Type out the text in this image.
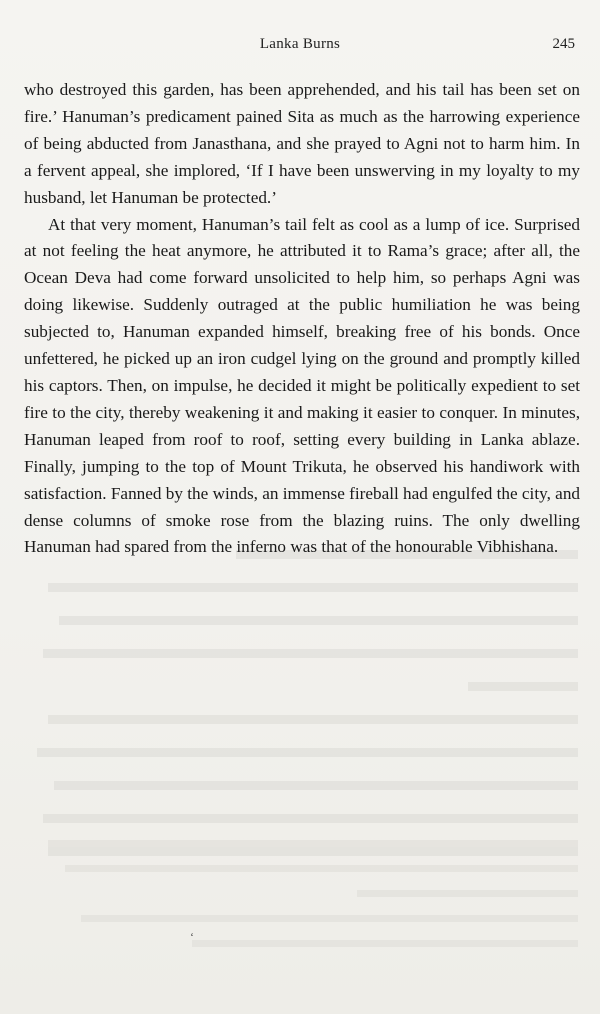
Lanka Burns	245

who destroyed this garden, has been apprehended, and his tail has been set on fire.’ Hanuman’s predicament pained Sita as much as the harrowing experience of being abducted from Janasthana, and she prayed to Agni not to harm him. In a fervent appeal, she implored, ‘If I have been unswerving in my loyalty to my husband, let Hanuman be protected.’

At that very moment, Hanuman’s tail felt as cool as a lump of ice. Surprised at not feeling the heat anymore, he attributed it to Rama’s grace; after all, the Ocean Deva had come forward unsolicited to help him, so perhaps Agni was doing likewise. Suddenly outraged at the public humiliation he was being subjected to, Hanuman expanded himself, breaking free of his bonds. Once unfettered, he picked up an iron cudgel lying on the ground and promptly killed his captors. Then, on impulse, he decided it might be politically expedient to set fire to the city, thereby weakening it and making it easier to conquer. In minutes, Hanuman leaped from roof to roof, setting every building in Lanka ablaze. Finally, jumping to the top of Mount Trikuta, he observed his handiwork with satisfaction. Fanned by the winds, an immense fireball had engulfed the city, and dense columns of smoke rose from the blazing ruins. The only dwelling Hanuman had spared from the inferno was that of the honourable Vibhishana.

‘
